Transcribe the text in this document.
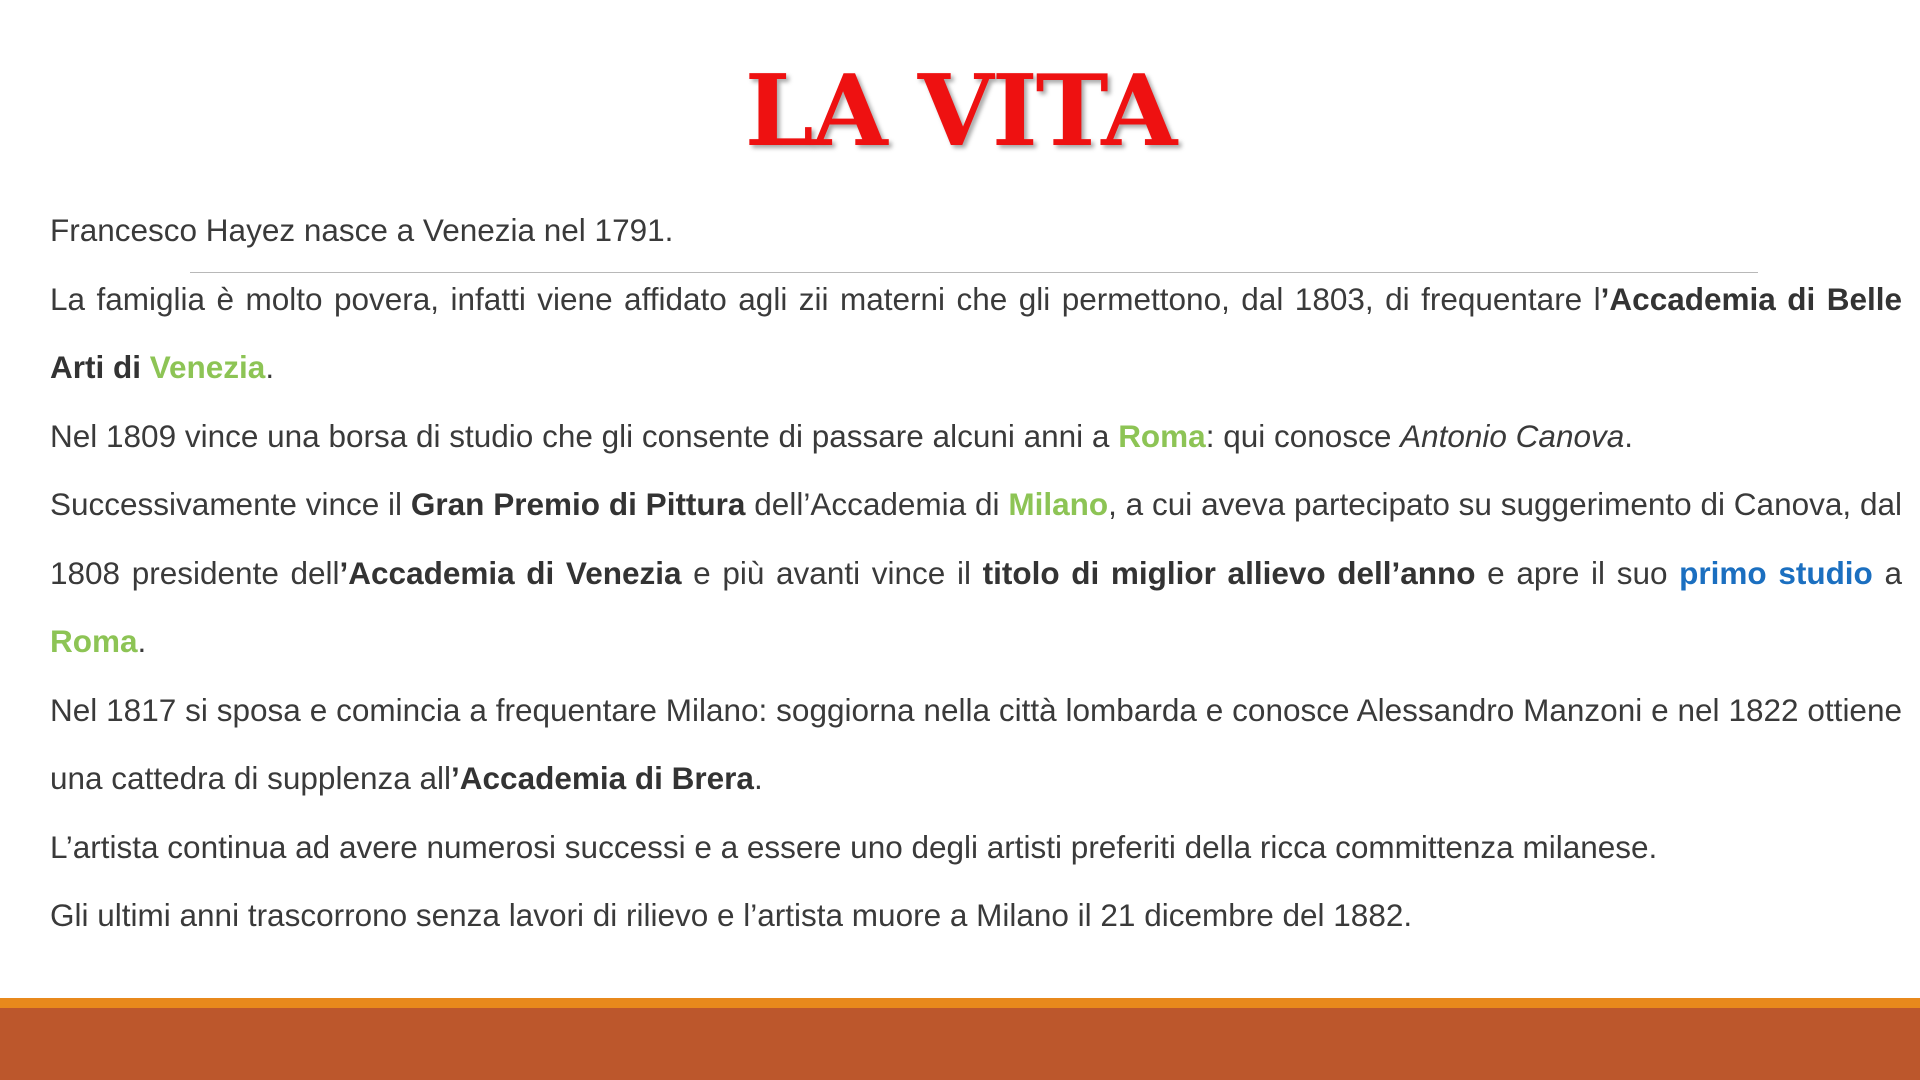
LA VITA

Francesco Hayez nasce a Venezia nel 1791.

La famiglia è molto povera, infatti viene affidato agli zii materni che gli permettono, dal 1803, di frequentare l’Accademia di Belle Arti di Venezia.

Nel 1809 vince una borsa di studio che gli consente di passare alcuni anni a Roma: qui conosce Antonio Canova.

Successivamente vince il Gran Premio di Pittura dell’Accademia di Milano, a cui aveva partecipato su suggerimento di Canova, dal 1808 presidente dell’Accademia di Venezia e più avanti vince il titolo di miglior allievo dell’anno e apre il suo primo studio a Roma.

Nel 1817 si sposa e comincia a frequentare Milano: soggiorna nella città lombarda e conosce Alessandro Manzoni e nel 1822 ottiene una cattedra di supplenza all’Accademia di Brera.

L’artista continua ad avere numerosi successi e a essere uno degli artisti preferiti della ricca committenza milanese.

Gli ultimi anni trascorrono senza lavori di rilievo e l’artista muore a Milano il 21 dicembre del 1882.
